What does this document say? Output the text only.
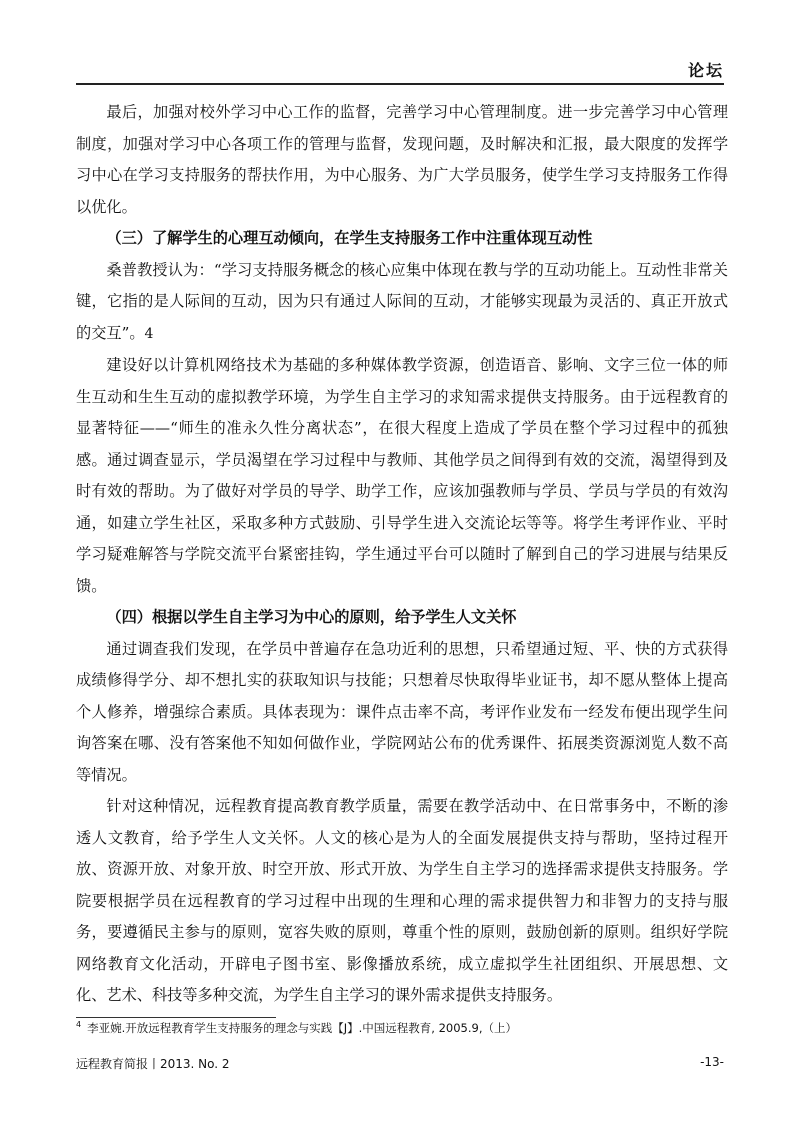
论坛

最后，加强对校外学习中心工作的监督，完善学习中心管理制度。进一步完善学习中心管理制度，加强对学习中心各项工作的管理与监督，发现问题，及时解决和汇报，最大限度的发挥学习中心在学习支持服务的帮扶作用，为中心服务、为广大学员服务，使学生学习支持服务工作得以优化。

（三）了解学生的心理互动倾向，在学生支持服务工作中注重体现互动性

桑普教授认为：“学习支持服务概念的核心应集中体现在教与学的互动功能上。互动性非常关键，它指的是人际间的互动，因为只有通过人际间的互动，才能够实现最为灵活的、真正开放式的交互”。4

建设好以计算机网络技术为基础的多种媒体教学资源，创造语音、影响、文字三位一体的师生互动和生生互动的虚拟教学环境，为学生自主学习的求知需求提供支持服务。由于远程教育的显著特征——“师生的准永久性分离状态”，在很大程度上造成了学员在整个学习过程中的孤独感。通过调查显示，学员渴望在学习过程中与教师、其他学员之间得到有效的交流，渴望得到及时有效的帮助。为了做好对学员的导学、助学工作，应该加强教师与学员、学员与学员的有效沟通，如建立学生社区，采取多种方式鼓励、引导学生进入交流论坛等等。将学生考评作业、平时学习疑难解答与学院交流平台紧密挂钩，学生通过平台可以随时了解到自己的学习进展与结果反馈。

（四）根据以学生自主学习为中心的原则，给予学生人文关怀

通过调查我们发现，在学员中普遍存在急功近利的思想，只希望通过短、平、快的方式获得成绩修得学分、却不想扎实的获取知识与技能；只想着尽快取得毕业证书，却不愿从整体上提高个人修养，增强综合素质。具体表现为：课件点击率不高，考评作业发布一经发布便出现学生问询答案在哪、没有答案他不知如何做作业，学院网站公布的优秀课件、拓展类资源浏览人数不高等情况。

针对这种情况，远程教育提高教育教学质量，需要在教学活动中、在日常事务中，不断的渗透人文教育，给予学生人文关怀。人文的核心是为人的全面发展提供支持与帮助，坚持过程开放、资源开放、对象开放、时空开放、形式开放、为学生自主学习的选择需求提供支持服务。学院要根据学员在远程教育的学习过程中出现的生理和心理的需求提供智力和非智力的支持与服务，要遵循民主参与的原则，宽容失败的原则，尊重个性的原则，鼓励创新的原则。组织好学院网络教育文化活动，开辟电子图书室、影像播放系统，成立虚拟学生社团组织、开展思想、文化、艺术、科技等多种交流，为学生自主学习的课外需求提供支持服务。

$^4$ 李亚婉.开放远程教育学生支持服务的理念与实践【J】.中国远程教育, 2005.9,（上）
远程教育简报丨2013. No. 2	-13-
